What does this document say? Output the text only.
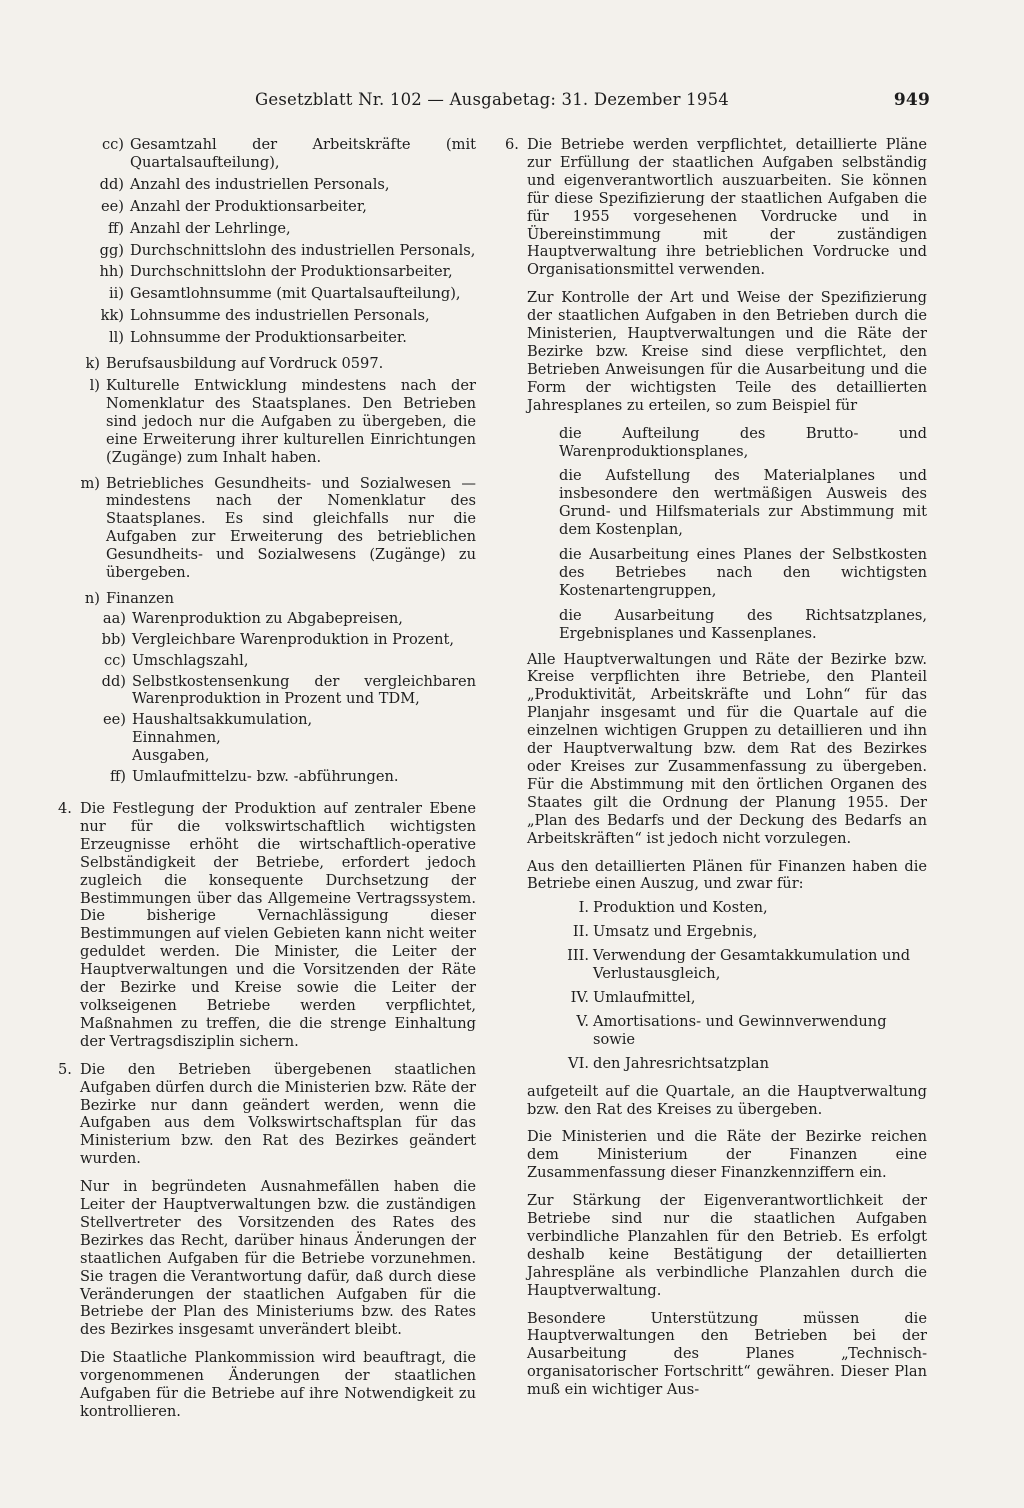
Gesetzblatt Nr. 102 — Ausgabetag: 31. Dezember 1954	949
cc) Gesamtzahl der Arbeitskräfte (mit Quartalsaufteilung),
dd) Anzahl des industriellen Personals,
ee) Anzahl der Produktionsarbeiter,
ff) Anzahl der Lehrlinge,
gg) Durchschnittslohn des industriellen Personals,
hh) Durchschnittslohn der Produktionsarbeiter,
ii) Gesamtlohnsumme (mit Quartalsaufteilung),
kk) Lohnsumme des industriellen Personals,
ll) Lohnsumme der Produktionsarbeiter.
k) Berufsausbildung auf Vordruck 0597.
l) Kulturelle Entwicklung mindestens nach der Nomenklatur des Staatsplanes. Den Betrieben sind jedoch nur die Aufgaben zu übergeben, die eine Erweiterung ihrer kulturellen Einrichtungen (Zugänge) zum Inhalt haben.
m) Betriebliches Gesundheits- und Sozialwesen — mindestens nach der Nomenklatur des Staatsplanes. Es sind gleichfalls nur die Aufgaben zur Erweiterung des betrieblichen Gesundheits- und Sozialwesens (Zugänge) zu übergeben.
n) Finanzen
aa) Warenproduktion zu Abgabepreisen,
bb) Vergleichbare Warenproduktion in Prozent,
cc) Umschlagszahl,
dd) Selbstkostensenkung der vergleichbaren Warenproduktion in Prozent und TDM,
ee) Haushaltsakkumulation,
Einnahmen,
Ausgaben,
ff) Umlaufmittelzu- bzw. -abführungen.
4. Die Festlegung der Produktion auf zentraler Ebene nur für die volkswirtschaftlich wichtigsten Erzeugnisse erhöht die wirtschaftlich-operative Selbständigkeit der Betriebe, erfordert jedoch zugleich die konsequente Durchsetzung der Bestimmungen über das Allgemeine Vertragssystem. Die bisherige Vernachlässigung dieser Bestimmungen auf vielen Gebieten kann nicht weiter geduldet werden. Die Minister, die Leiter der Hauptverwaltungen und die Vorsitzenden der Räte der Bezirke und Kreise sowie die Leiter der volkseigenen Betriebe werden verpflichtet, Maßnahmen zu treffen, die die strenge Einhaltung der Vertragsdisziplin sichern.
5. Die den Betrieben übergebenen staatlichen Aufgaben dürfen durch die Ministerien bzw. Räte der Bezirke nur dann geändert werden, wenn die Aufgaben aus dem Volkswirtschaftsplan für das Ministerium bzw. den Rat des Bezirkes geändert wurden.
Nur in begründeten Ausnahmefällen haben die Leiter der Hauptverwaltungen bzw. die zuständigen Stellvertreter des Vorsitzenden des Rates des Bezirkes das Recht, darüber hinaus Änderungen der staatlichen Aufgaben für die Betriebe vorzunehmen. Sie tragen die Verantwortung dafür, daß durch diese Veränderungen der staatlichen Aufgaben für die Betriebe der Plan des Ministeriums bzw. des Rates des Bezirkes insgesamt unverändert bleibt.
Die Staatliche Plankommission wird beauftragt, die vorgenommenen Änderungen der staatlichen Aufgaben für die Betriebe auf ihre Notwendigkeit zu kontrollieren.
6. Die Betriebe werden verpflichtet, detaillierte Pläne zur Erfüllung der staatlichen Aufgaben selbständig und eigenverantwortlich auszuarbeiten. Sie können für diese Spezifizierung der staatlichen Aufgaben die für 1955 vorgesehenen Vordrucke und in Übereinstimmung mit der zuständigen Hauptverwaltung ihre betrieblichen Vordrucke und Organisationsmittel verwenden.
Zur Kontrolle der Art und Weise der Spezifizierung der staatlichen Aufgaben in den Betrieben durch die Ministerien, Hauptverwaltungen und die Räte der Bezirke bzw. Kreise sind diese verpflichtet, den Betrieben Anweisungen für die Ausarbeitung und die Form der wichtigsten Teile des detaillierten Jahresplanes zu erteilen, so zum Beispiel für
die Aufteilung des Brutto- und Warenproduktionsplanes,
die Aufstellung des Materialplanes und insbesondere den wertmäßigen Ausweis des Grund- und Hilfsmaterials zur Abstimmung mit dem Kostenplan,
die Ausarbeitung eines Planes der Selbstkosten des Betriebes nach den wichtigsten Kostenartengruppen,
die Ausarbeitung des Richtsatzplanes, Ergebnisplanes und Kassenplanes.
Alle Hauptverwaltungen und Räte der Bezirke bzw. Kreise verpflichten ihre Betriebe, den Planteil „Produktivität, Arbeitskräfte und Lohn“ für das Planjahr insgesamt und für die Quartale auf die einzelnen wichtigen Gruppen zu detaillieren und ihn der Hauptverwaltung bzw. dem Rat des Bezirkes oder Kreises zur Zusammenfassung zu übergeben. Für die Abstimmung mit den örtlichen Organen des Staates gilt die Ordnung der Planung 1955. Der „Plan des Bedarfs und der Deckung des Bedarfs an Arbeitskräften“ ist jedoch nicht vorzulegen.
Aus den detaillierten Plänen für Finanzen haben die Betriebe einen Auszug, und zwar für:
I. Produktion und Kosten,
II. Umsatz und Ergebnis,
III. Verwendung der Gesamtakkumulation und Verlustausgleich,
IV. Umlaufmittel,
V. Amortisations- und Gewinnverwendung sowie
VI. den Jahresrichtsatzplan
aufgeteilt auf die Quartale, an die Hauptverwaltung bzw. den Rat des Kreises zu übergeben.
Die Ministerien und die Räte der Bezirke reichen dem Ministerium der Finanzen eine Zusammenfassung dieser Finanzkennziffern ein.
Zur Stärkung der Eigenverantwortlichkeit der Betriebe sind nur die staatlichen Aufgaben verbindliche Planzahlen für den Betrieb. Es erfolgt deshalb keine Bestätigung der detaillierten Jahrespläne als verbindliche Planzahlen durch die Hauptverwaltung.
Besondere Unterstützung müssen die Hauptverwaltungen den Betrieben bei der Ausarbeitung des Planes „Technisch-organisatorischer Fortschritt“ gewähren. Dieser Plan muß ein wichtiger Aus-
